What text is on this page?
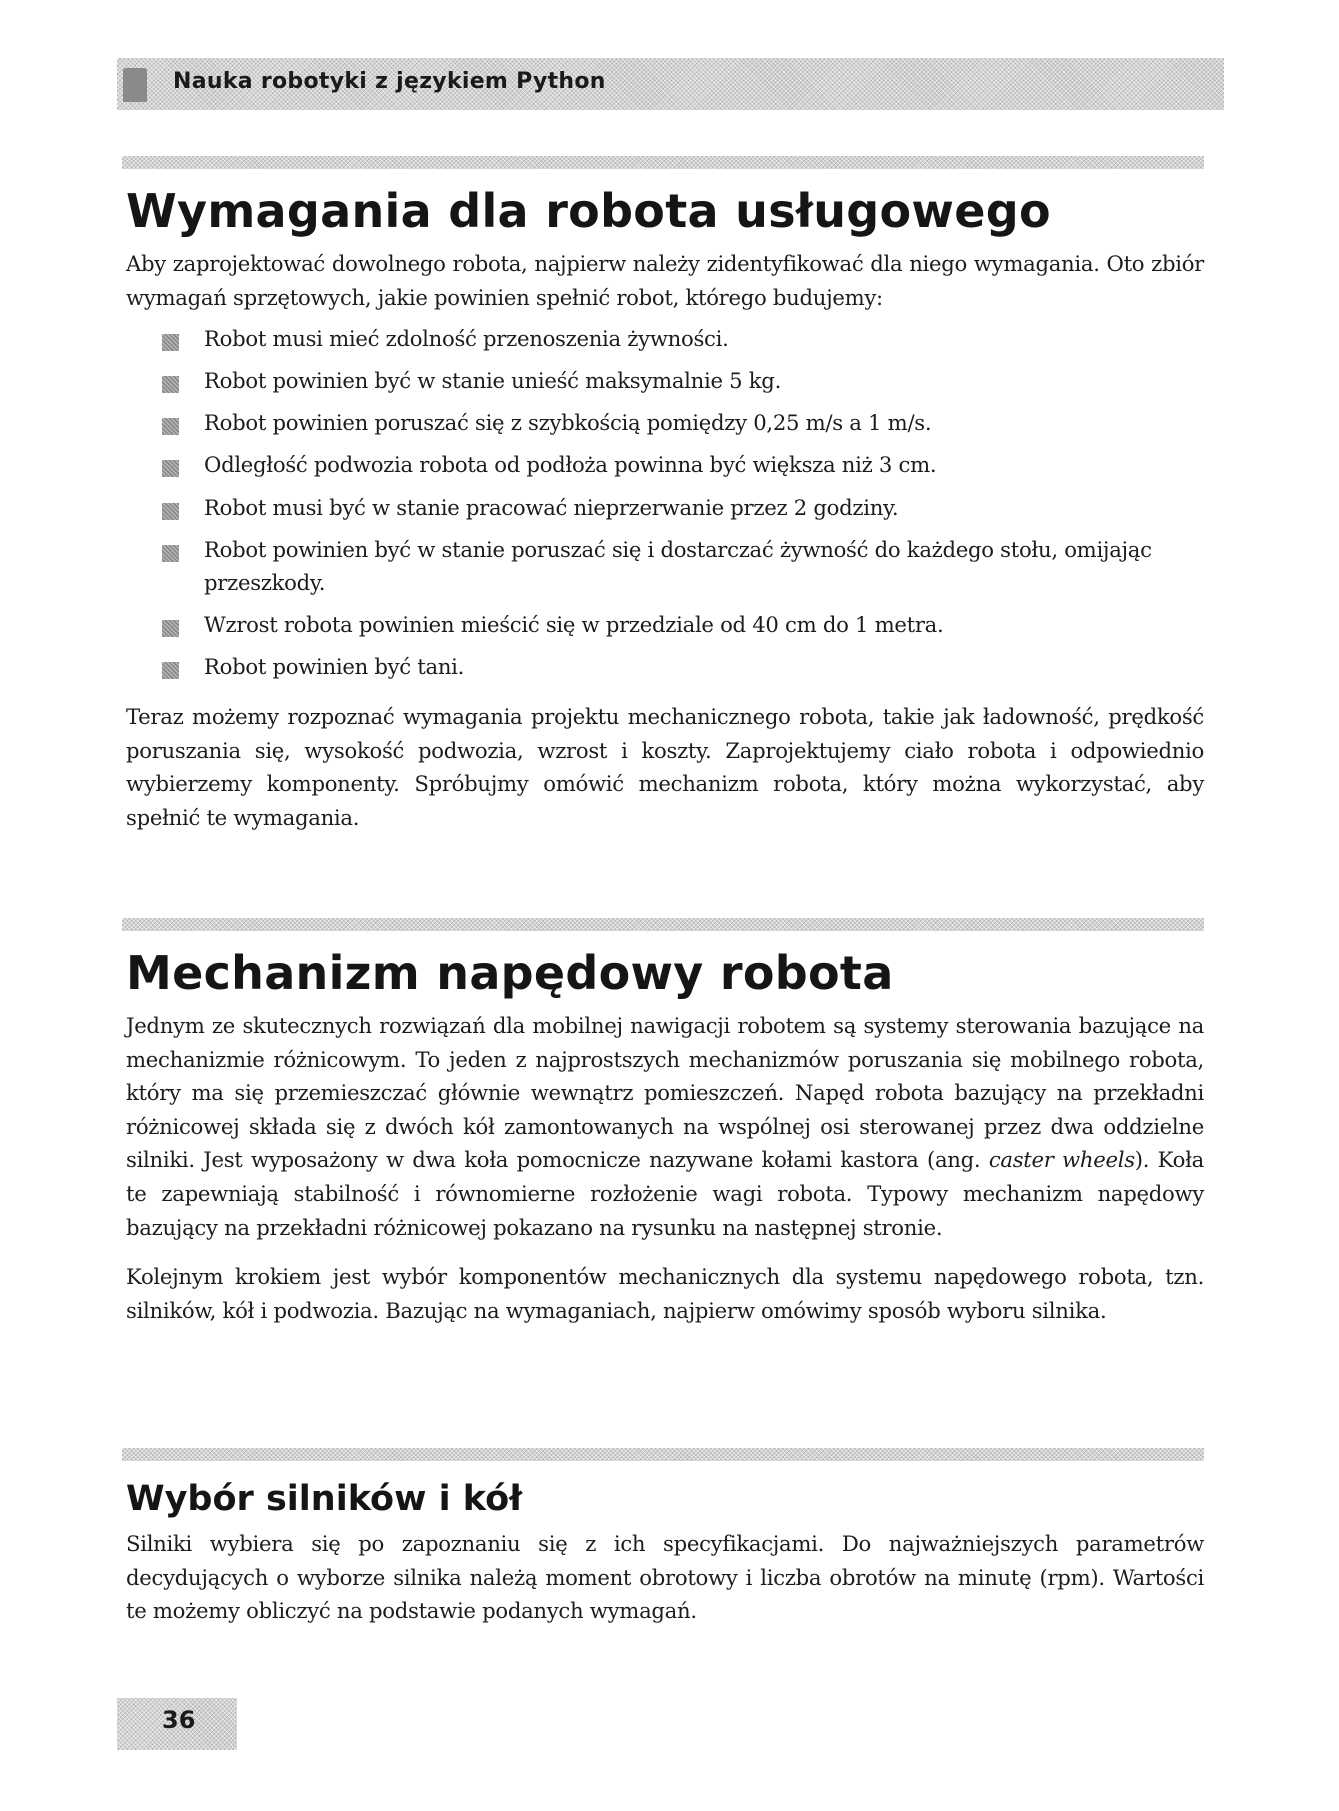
Nauka robotyki z językiem Python
Wymagania dla robota usługowego

Aby zaprojektować dowolnego robota, najpierw należy zidentyfikować dla niego wymagania. Oto zbiór wymagań sprzętowych, jakie powinien spełnić robot, którego budujemy:

Robot musi mieć zdolność przenoszenia żywności.
Robot powinien być w stanie unieść maksymalnie 5 kg.
Robot powinien poruszać się z szybkością pomiędzy 0,25 m/s a 1 m/s.
Odległość podwozia robota od podłoża powinna być większa niż 3 cm.
Robot musi być w stanie pracować nieprzerwanie przez 2 godziny.
Robot powinien być w stanie poruszać się i dostarczać żywność do każdego stołu, omijając przeszkody.
Wzrost robota powinien mieścić się w przedziale od 40 cm do 1 metra.
Robot powinien być tani.

Teraz możemy rozpoznać wymagania projektu mechanicznego robota, takie jak ładowność, prędkość poruszania się, wysokość podwozia, wzrost i koszty. Zaprojektujemy ciało robota i odpowiednio wybierzemy komponenty. Spróbujmy omówić mechanizm robota, który można wykorzystać, aby spełnić te wymagania.

Mechanizm napędowy robota

Jednym ze skutecznych rozwiązań dla mobilnej nawigacji robotem są systemy sterowania bazujące na mechanizmie różnicowym. To jeden z najprostszych mechanizmów poruszania się mobilnego robota, który ma się przemieszczać głównie wewnątrz pomieszczeń. Napęd robota bazujący na przekładni różnicowej składa się z dwóch kół zamontowanych na wspólnej osi sterowanej przez dwa oddzielne silniki. Jest wyposażony w dwa koła pomocnicze nazywane kołami kastora (ang. caster wheels). Koła te zapewniają stabilność i równomierne rozłożenie wagi robota. Typowy mechanizm napędowy bazujący na przekładni różnicowej pokazano na rysunku na następnej stronie.

Kolejnym krokiem jest wybór komponentów mechanicznych dla systemu napędowego robota, tzn. silników, kół i podwozia. Bazując na wymaganiach, najpierw omówimy sposób wyboru silnika.

Wybór silników i kół

Silniki wybiera się po zapoznaniu się z ich specyfikacjami. Do najważniejszych parametrów decydujących o wyborze silnika należą moment obrotowy i liczba obrotów na minutę (rpm). Wartości te możemy obliczyć na podstawie podanych wymagań.

36
